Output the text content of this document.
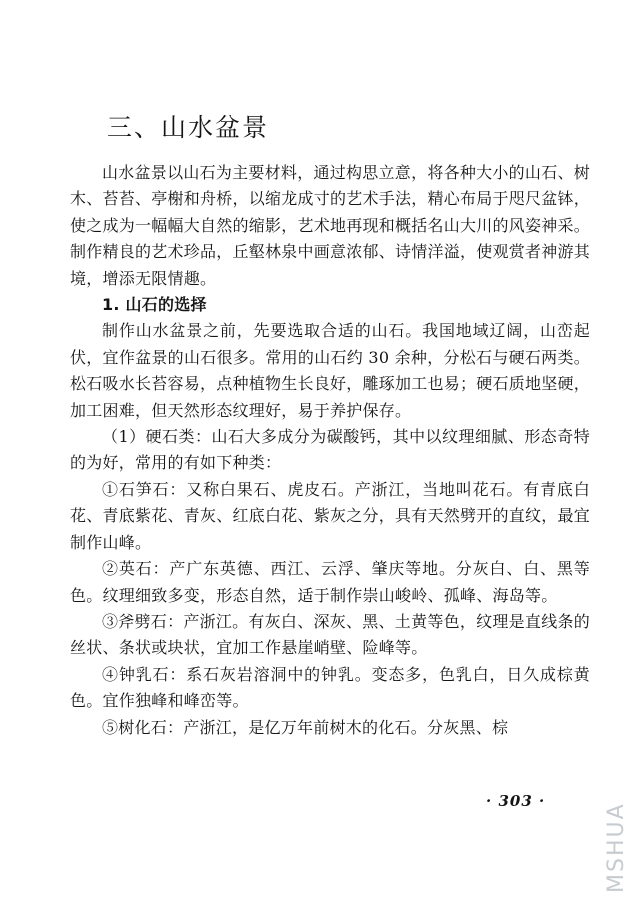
三、山水盆景

山水盆景以山石为主要材料，通过构思立意，将各种大小的山石、树木、苔苔、亭榭和舟桥，以缩龙成寸的艺术手法，精心布局于咫尺盆钵，使之成为一幅幅大自然的缩影，艺术地再现和概括名山大川的风姿神采。制作精良的艺术珍品，丘壑林泉中画意浓郁、诗情洋溢，使观赏者神游其境，增添无限情趣。

1. 山石的选择

制作山水盆景之前，先要选取合适的山石。我国地域辽阔，山峦起伏，宜作盆景的山石很多。常用的山石约 30 余种，分松石与硬石两类。松石吸水长苔容易，点种植物生长良好，雕琢加工也易；硬石质地坚硬，加工困难，但天然形态纹理好，易于养护保存。

（1）硬石类：山石大多成分为碳酸钙，其中以纹理细腻、形态奇特的为好，常用的有如下种类：

①石笋石：又称白果石、虎皮石。产浙江，当地叫花石。有青底白花、青底紫花、青灰、红底白花、紫灰之分，具有天然劈开的直纹，最宜制作山峰。

②英石：产广东英德、西江、云浮、肇庆等地。分灰白、白、黑等色。纹理细致多变，形态自然，适于制作崇山峻岭、孤峰、海岛等。

③斧劈石：产浙江。有灰白、深灰、黑、土黄等色，纹理是直线条的丝状、条状或块状，宜加工作悬崖峭壁、险峰等。

④钟乳石：系石灰岩溶洞中的钟乳。变态多，色乳白，日久成棕黄色。宜作独峰和峰峦等。

⑤树化石：产浙江，是亿万年前树木的化石。分灰黑、棕

· 303 ·
MSHUA
